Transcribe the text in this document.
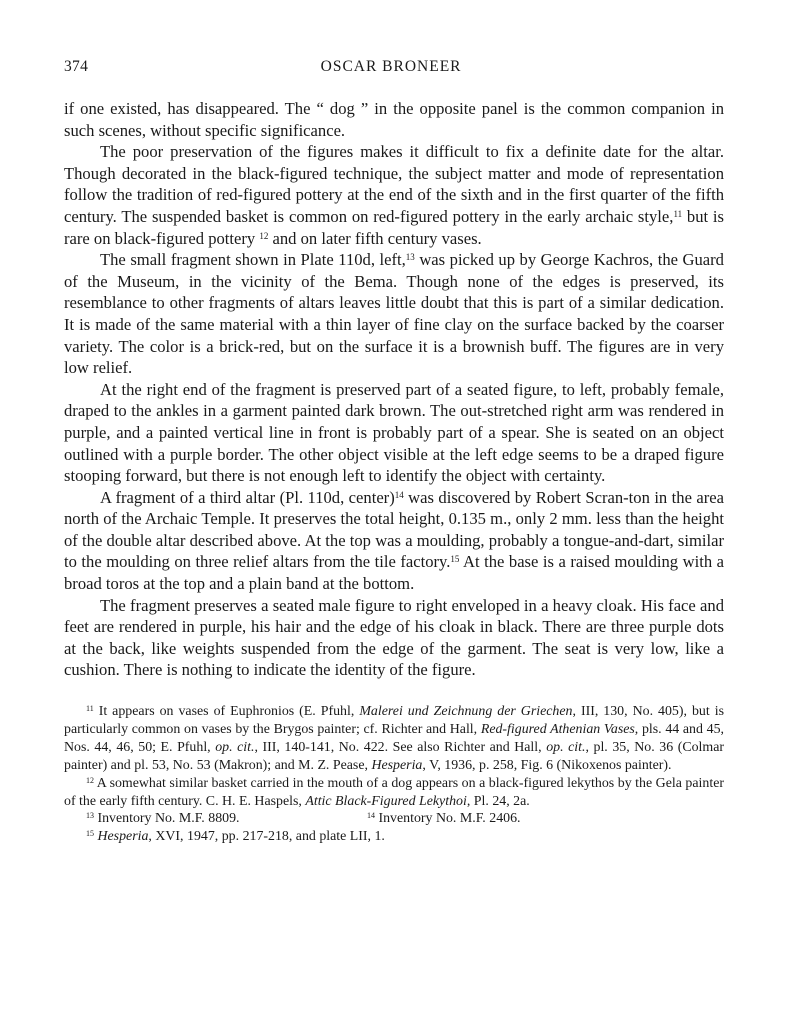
374	OSCAR BRONEER

if one existed, has disappeared. The “ dog ” in the opposite panel is the common companion in such scenes, without specific significance.

The poor preservation of the figures makes it difficult to fix a definite date for the altar. Though decorated in the black-figured technique, the subject matter and mode of representation follow the tradition of red-figured pottery at the end of the sixth and in the first quarter of the fifth century. The suspended basket is common on red-figured pottery in the early archaic style,$^{11}$ but is rare on black-figured pottery $^{12}$ and on later fifth century vases.

The small fragment shown in Plate 110d, left,$^{13}$ was picked up by George Kachros, the Guard of the Museum, in the vicinity of the Bema. Though none of the edges is preserved, its resemblance to other fragments of altars leaves little doubt that this is part of a similar dedication. It is made of the same material with a thin layer of fine clay on the surface backed by the coarser variety. The color is a brick-red, but on the surface it is a brownish buff. The figures are in very low relief.

At the right end of the fragment is preserved part of a seated figure, to left, probably female, draped to the ankles in a garment painted dark brown. The out-stretched right arm was rendered in purple, and a painted vertical line in front is probably part of a spear. She is seated on an object outlined with a purple border. The other object visible at the left edge seems to be a draped figure stooping forward, but there is not enough left to identify the object with certainty.

A fragment of a third altar (Pl. 110d, center)$^{14}$ was discovered by Robert Scran-ton in the area north of the Archaic Temple. It preserves the total height, 0.135 m., only 2 mm. less than the height of the double altar described above. At the top was a moulding, probably a tongue-and-dart, similar to the moulding on three relief altars from the tile factory.$^{15}$ At the base is a raised moulding with a broad toros at the top and a plain band at the bottom.

The fragment preserves a seated male figure to right enveloped in a heavy cloak. His face and feet are rendered in purple, his hair and the edge of his cloak in black. There are three purple dots at the back, like weights suspended from the edge of the garment. The seat is very low, like a cushion. There is nothing to indicate the identity of the figure.

$^{11}$ It appears on vases of Euphronios (E. Pfuhl, Malerei und Zeichnung der Griechen, III, 130, No. 405), but is particularly common on vases by the Brygos painter; cf. Richter and Hall, Red-figured Athenian Vases, pls. 44 and 45, Nos. 44, 46, 50; E. Pfuhl, op. cit., III, 140-141, No. 422. See also Richter and Hall, op. cit., pl. 35, No. 36 (Colmar painter) and pl. 53, No. 53 (Makron); and M. Z. Pease, Hesperia, V, 1936, p. 258, Fig. 6 (Nikoxenos painter).

$^{12}$ A somewhat similar basket carried in the mouth of a dog appears on a black-figured lekythos by the Gela painter of the early fifth century. C. H. E. Haspels, Attic Black-Figured Lekythoi, Pl. 24, 2a.

$^{13}$ Inventory No. M.F. 8809.	$^{14}$ Inventory No. M.F. 2406.

$^{15}$ Hesperia, XVI, 1947, pp. 217-218, and plate LII, 1.
